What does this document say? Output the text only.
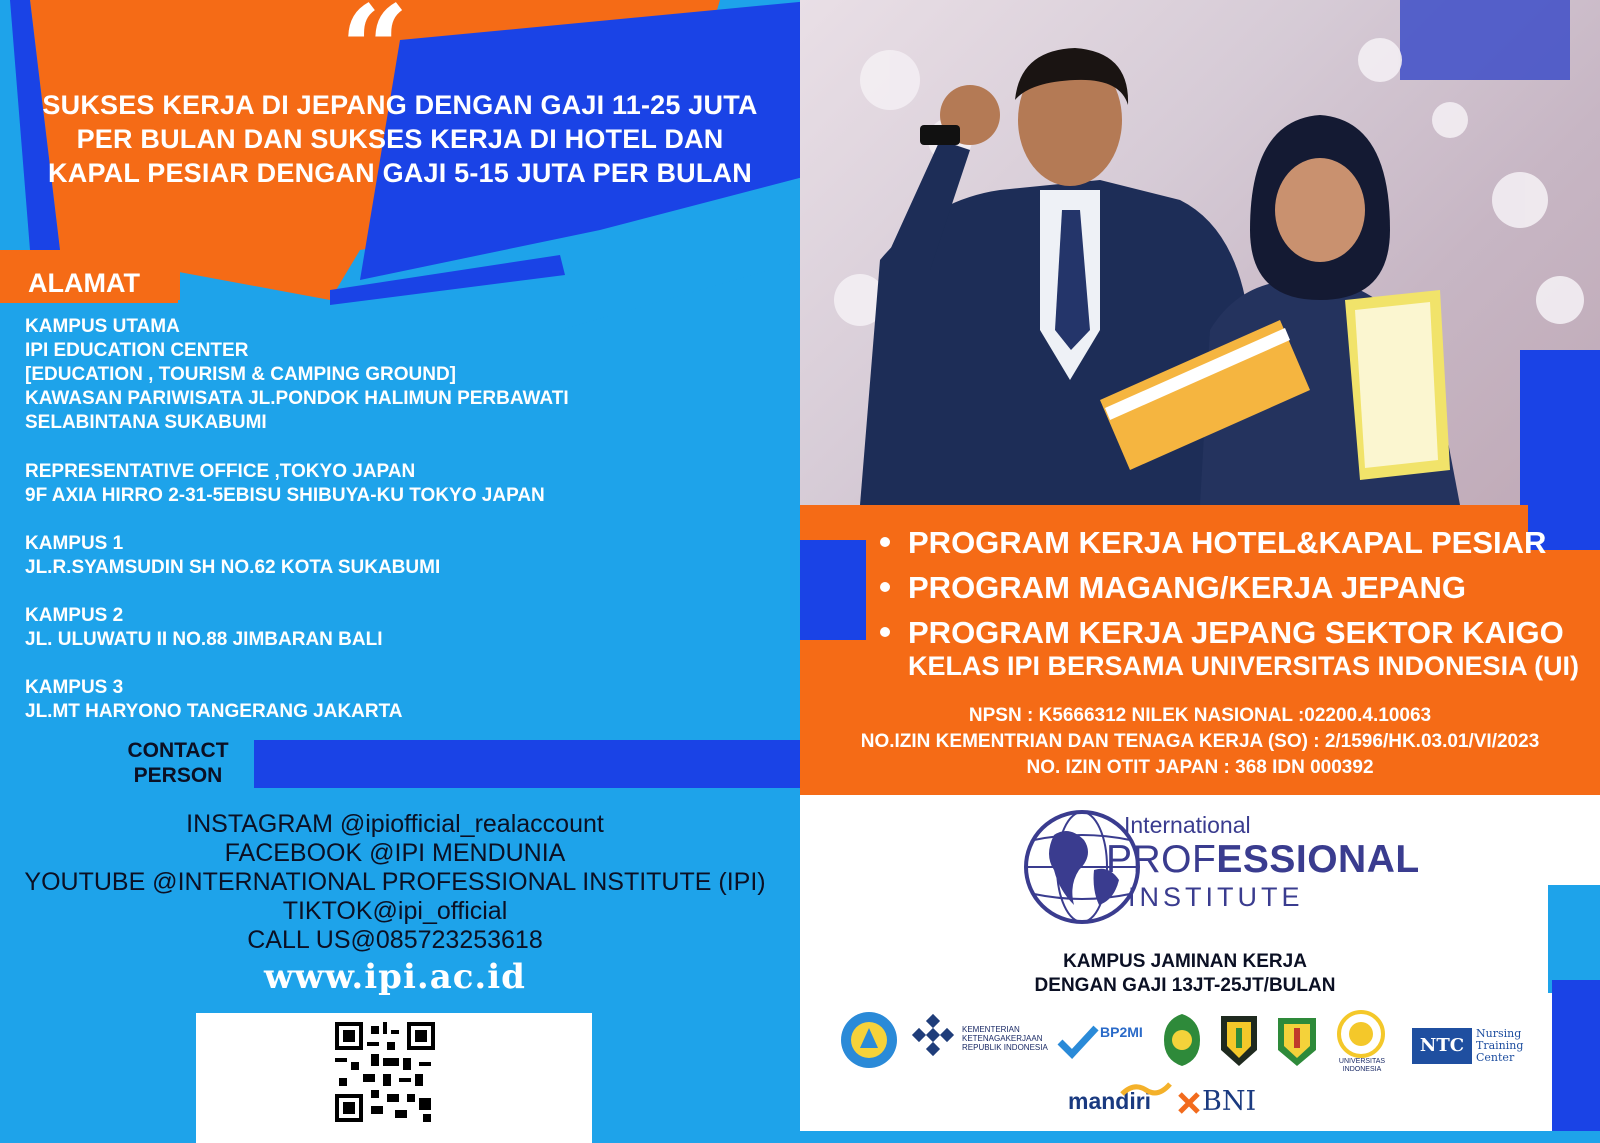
“
SUKSES KERJA DI JEPANG DENGAN GAJI 11-25 JUTA PER BULAN DAN SUKSES KERJA DI HOTEL DAN KAPAL PESIAR DENGAN GAJI 5-15 JUTA PER BULAN
ALAMAT
KAMPUS UTAMA
IPI EDUCATION CENTER
[EDUCATION , TOURISM & CAMPING GROUND]
KAWASAN PARIWISATA JL.PONDOK HALIMUN PERBAWATI
SELABINTANA SUKABUMI
REPRESENTATIVE OFFICE ,TOKYO JAPAN
9F AXIA HIRRO 2-31-5EBISU SHIBUYA-KU TOKYO JAPAN
KAMPUS 1
JL.R.SYAMSUDIN SH NO.62 KOTA SUKABUMI
KAMPUS 2
JL. ULUWATU II NO.88 JIMBARAN BALI
KAMPUS 3
JL.MT HARYONO TANGERANG JAKARTA
CONTACT
PERSON
INSTAGRAM @ipiofficial_realaccount
FACEBOOK @IPI MENDUNIA
YOUTUBE @INTERNATIONAL PROFESSIONAL INSTITUTE (IPI)
TIKTOK@ipi_official
CALL US@085723253618
www.ipi.ac.id
PROGRAM KERJA HOTEL&KAPAL PESIAR
PROGRAM MAGANG/KERJA JEPANG
PROGRAM KERJA JEPANG SEKTOR KAIGO
KELAS IPI BERSAMA UNIVERSITAS INDONESIA (UI)
NPSN : K5666312 NILEK NASIONAL :02200.4.10063
NO.IZIN KEMENTRIAN DAN TENAGA KERJA (SO) : 2/1596/HK.03.01/VI/2023
NO. IZIN OTIT JAPAN : 368 IDN 000392
International
PROFESSIONAL
INSTITUTE
KAMPUS JAMINAN KERJA
DENGAN GAJI 13JT-25JT/BULAN
KEMENTERIAN
KETENAGAKERJAAN
REPUBLIK INDONESIA
BP2MI
UNIVERSITAS
INDONESIA
NTC
Nursing
Training
Center
mandiri BNI
